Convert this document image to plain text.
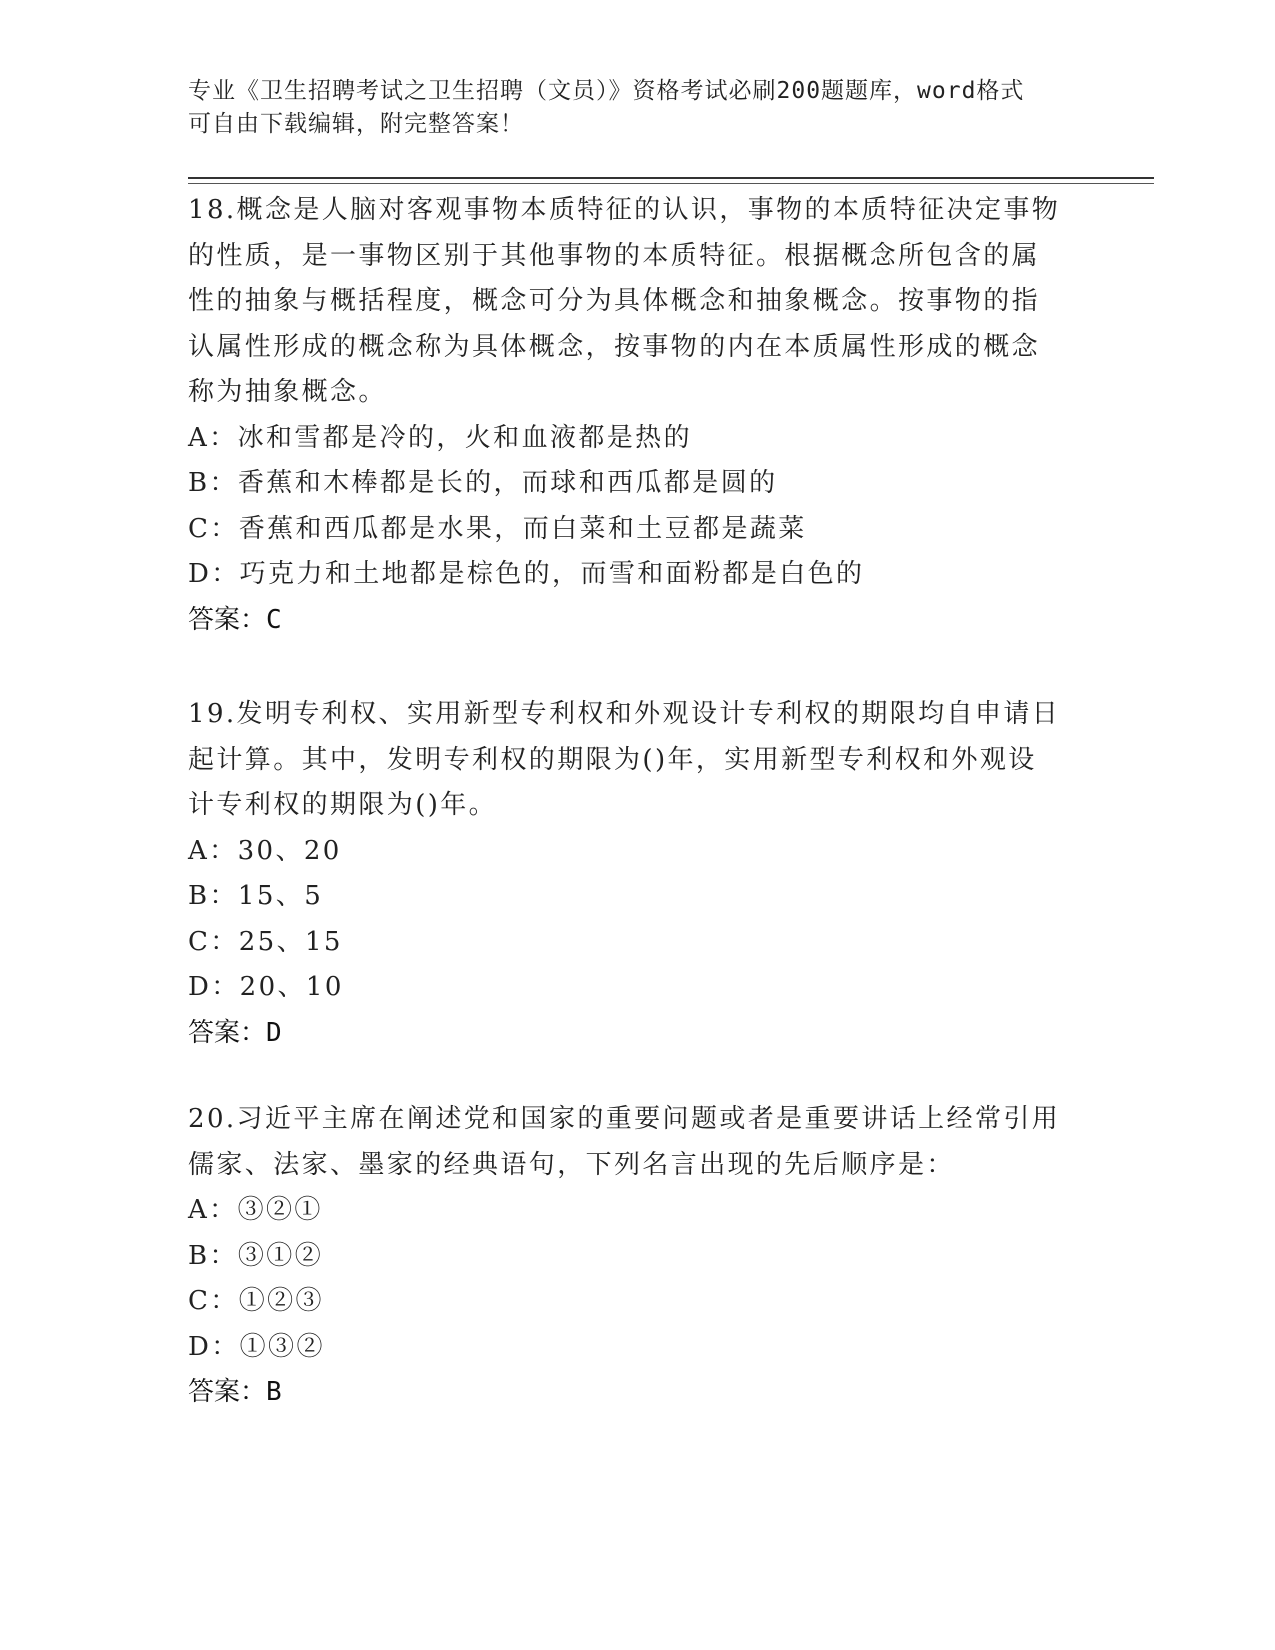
专业《卫生招聘考试之卫生招聘（文员）》资格考试必刷200题题库，word格式
可自由下载编辑，附完整答案！
18.概念是人脑对客观事物本质特征的认识，事物的本质特征决定事物
的性质，是一事物区别于其他事物的本质特征。根据概念所包含的属
性的抽象与概括程度，概念可分为具体概念和抽象概念。按事物的指
认属性形成的概念称为具体概念，按事物的内在本质属性形成的概念
称为抽象概念。
A：冰和雪都是冷的，火和血液都是热的
B：香蕉和木棒都是长的，而球和西瓜都是圆的
C：香蕉和西瓜都是水果，而白菜和土豆都是蔬菜
D：巧克力和土地都是棕色的，而雪和面粉都是白色的
答案：C
19.发明专利权、实用新型专利权和外观设计专利权的期限均自申请日
起计算。其中，发明专利权的期限为()年，实用新型专利权和外观设
计专利权的期限为()年。
A：30、20
B：15、5
C：25、15
D：20、10
答案：D
20.习近平主席在阐述党和国家的重要问题或者是重要讲话上经常引用
儒家、法家、墨家的经典语句，下列名言出现的先后顺序是：
A：③②①
B：③①②
C：①②③
D：①③②
答案：B
